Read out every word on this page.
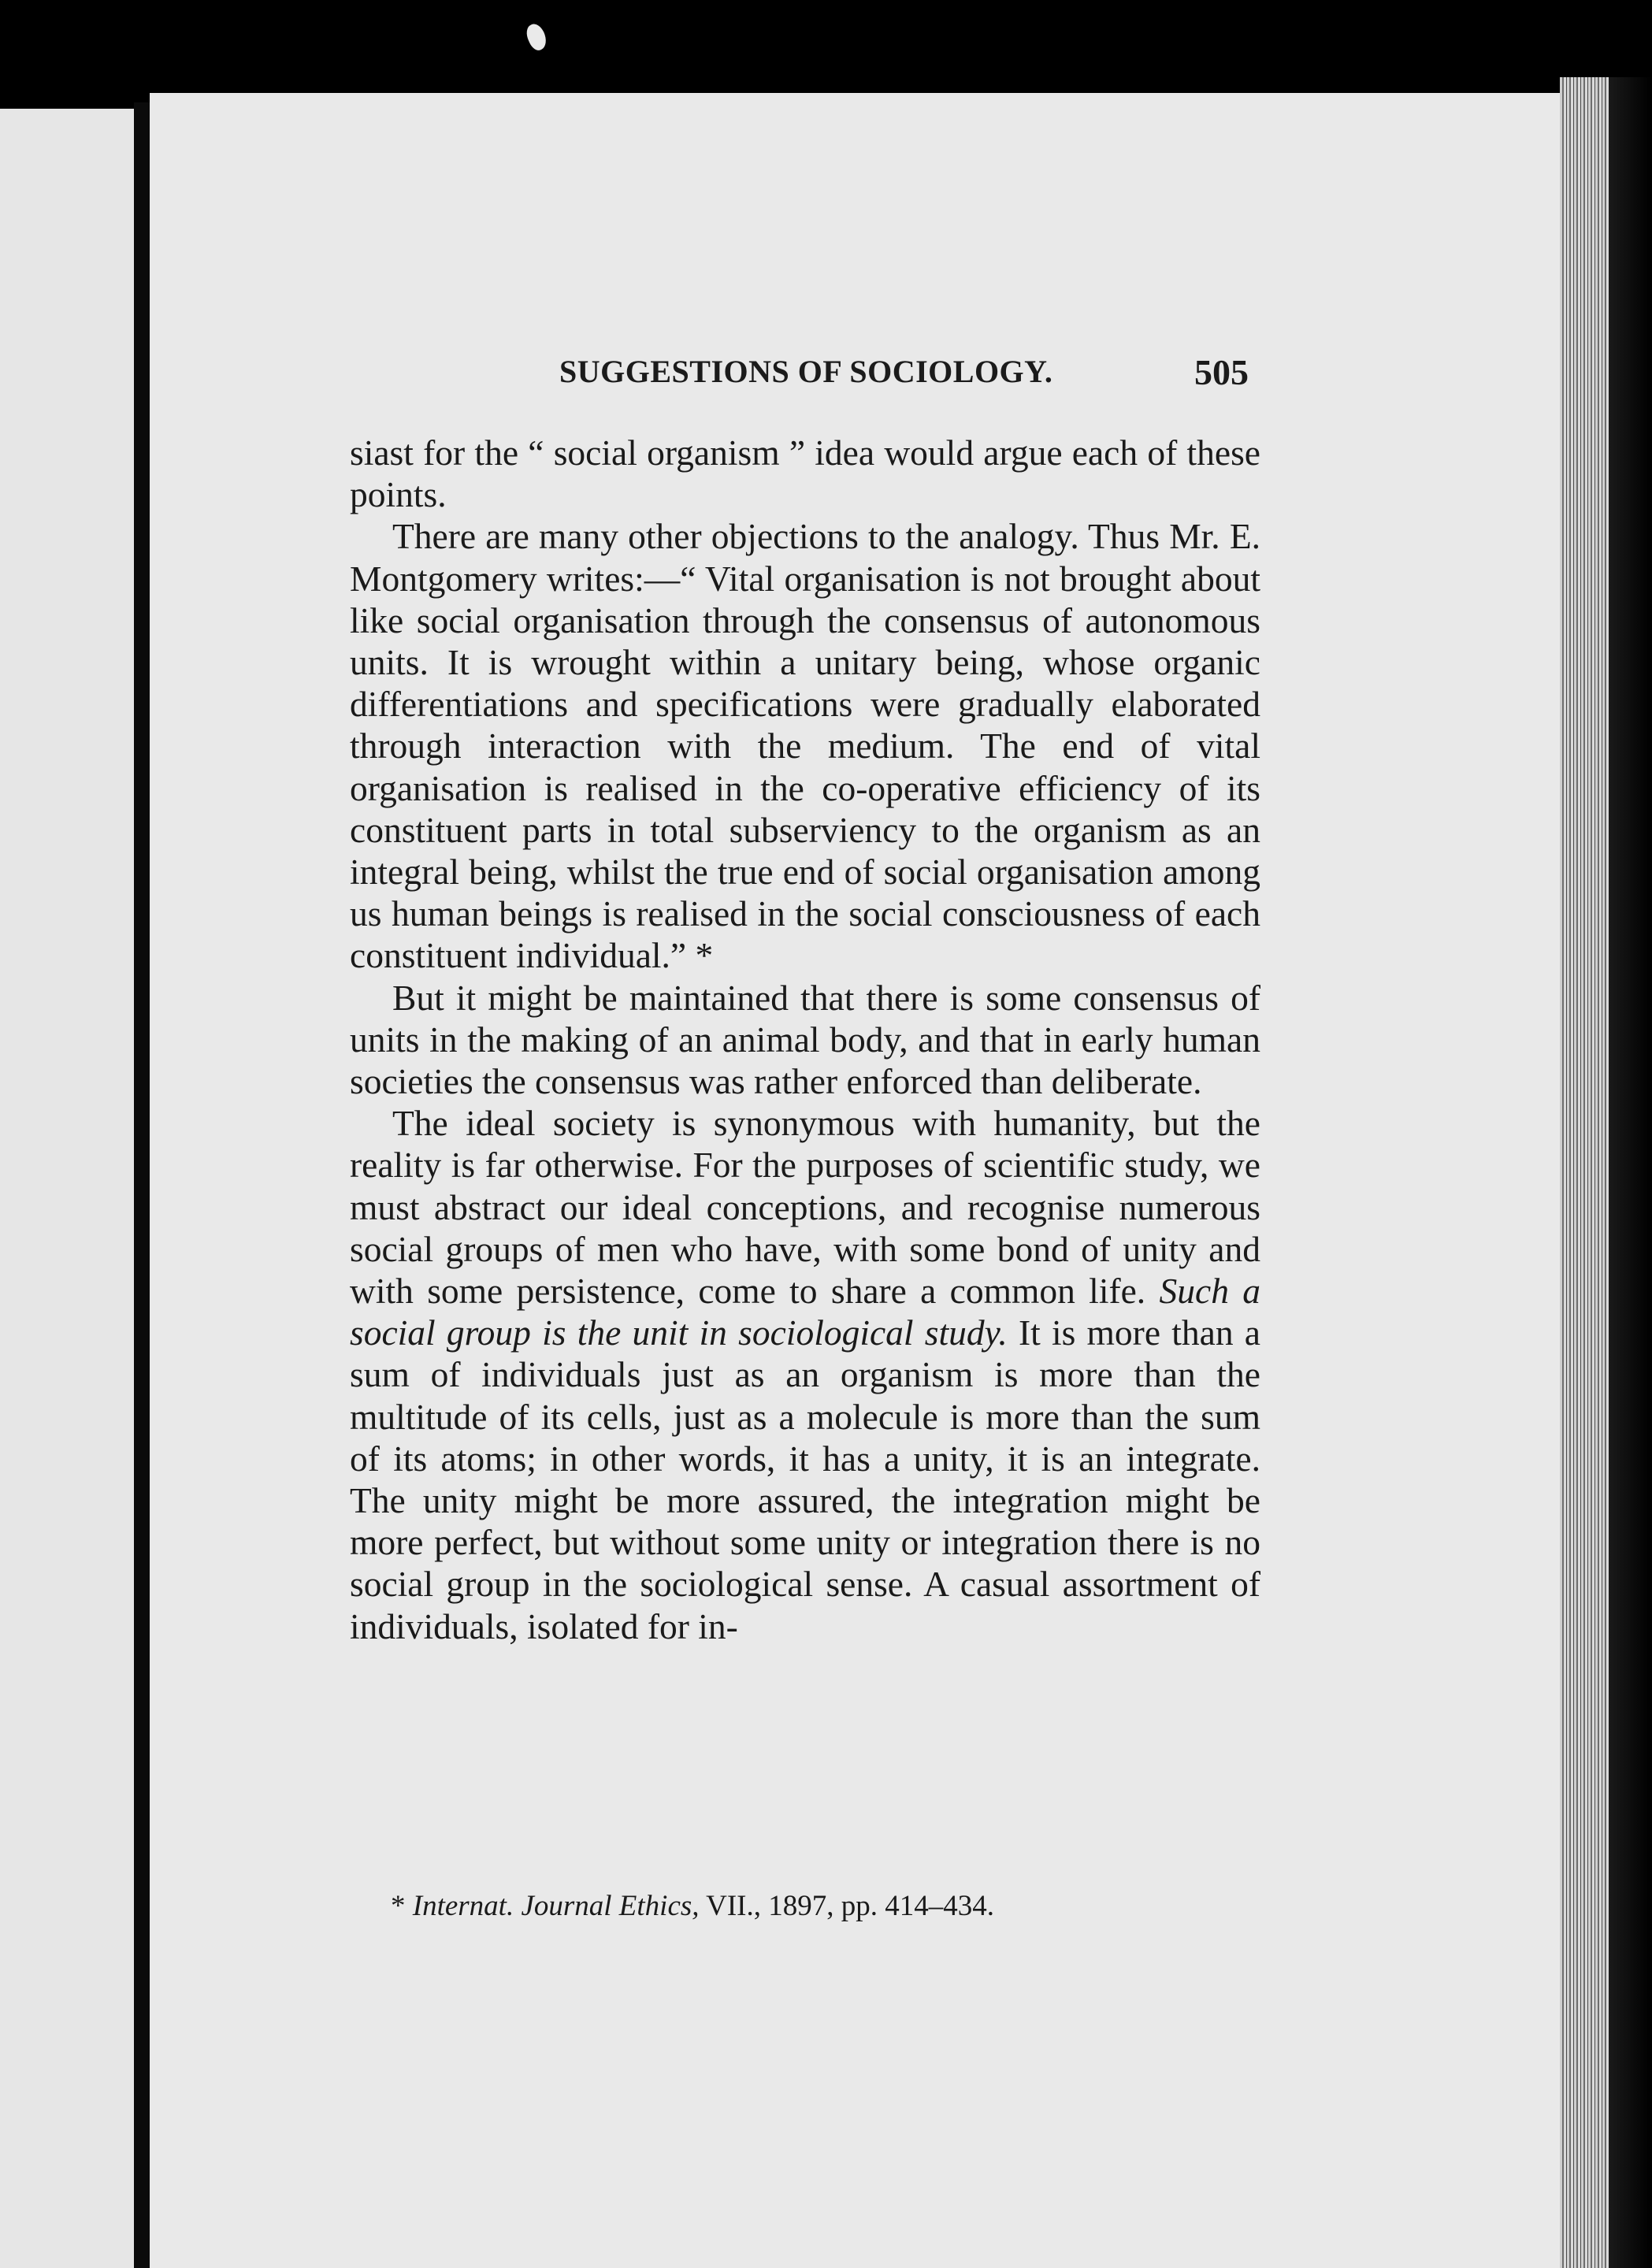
SUGGESTIONS OF SOCIOLOGY.	505

siast for the “ social organism ” idea would argue each of these points.

There are many other objections to the analogy. Thus Mr. E. Montgomery writes:—“ Vital organisation is not brought about like social organisation through the consensus of autonomous units. It is wrought within a unitary being, whose organic differentiations and specifications were gradually elaborated through interaction with the medium. The end of vital organisation is realised in the co-operative efficiency of its constituent parts in total subserviency to the organism as an integral being, whilst the true end of social organisation among us human beings is realised in the social consciousness of each constituent individual.” *

But it might be maintained that there is some consensus of units in the making of an animal body, and that in early human societies the consensus was rather enforced than deliberate.

The ideal society is synonymous with humanity, but the reality is far otherwise. For the purposes of scientific study, we must abstract our ideal conceptions, and recognise numerous social groups of men who have, with some bond of unity and with some persistence, come to share a common life. Such a social group is the unit in sociological study. It is more than a sum of individuals just as an organism is more than the multitude of its cells, just as a molecule is more than the sum of its atoms; in other words, it has a unity, it is an integrate. The unity might be more assured, the integration might be more perfect, but without some unity or integration there is no social group in the sociological sense. A casual assortment of individuals, isolated for in-

* Internat. Journal Ethics, VII., 1897, pp. 414–434.
